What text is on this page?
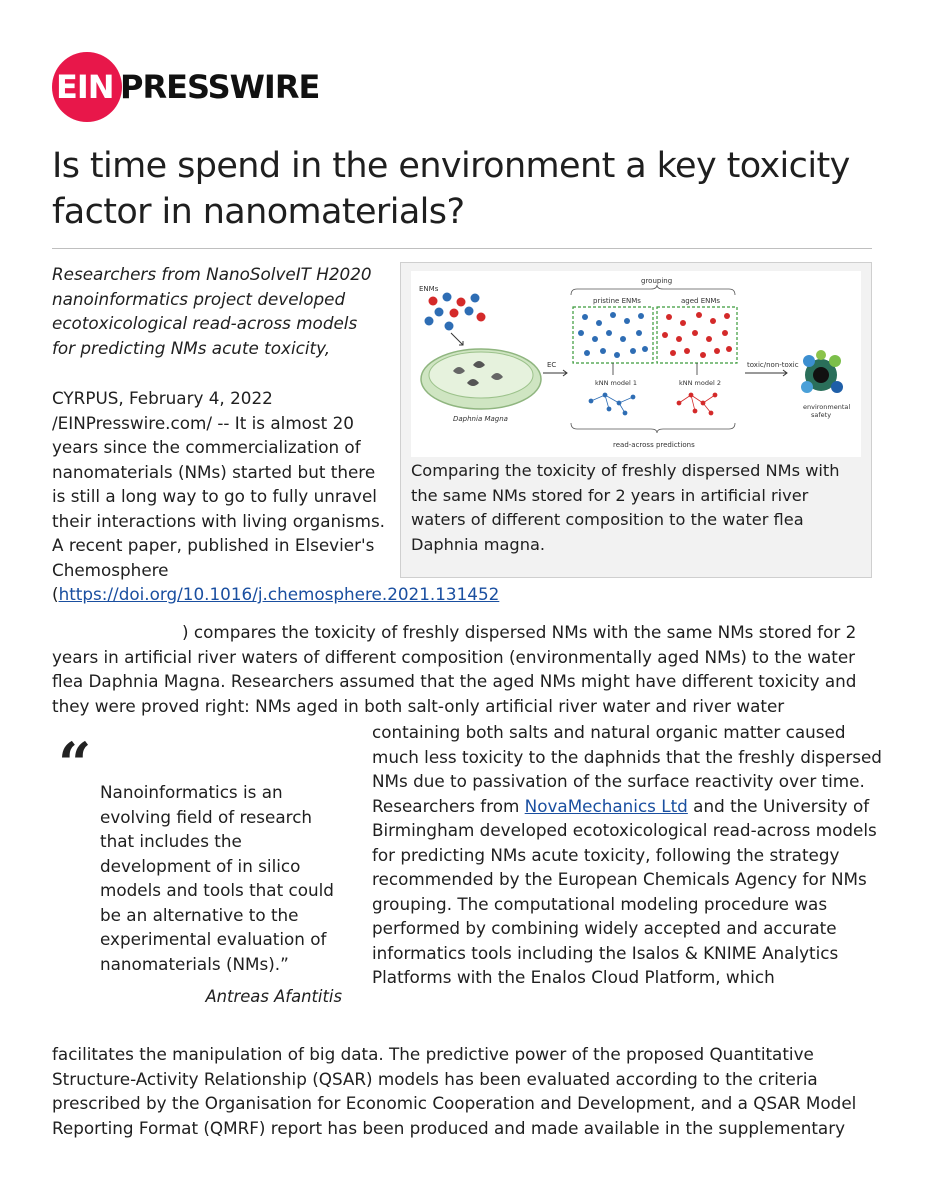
EIN PRESSWIRE
Is time spend in the environment a key toxicity factor in nanomaterials?
Researchers from NanoSolveIT H2020 nanoinformatics project developed ecotoxicological read-across models for predicting NMs acute toxicity,
CYRPUS, February 4, 2022 /EINPresswire.com/ -- It is almost 20 years since the commercialization of nanomaterials (NMs) started but there is still a long way to go to fully unravel their interactions with living organisms. A recent paper, published in Elsevier's Chemosphere (https://doi.org/10.1016/j.chemosphere.2021.131452
) compares the toxicity of freshly dispersed NMs with the same NMs stored for 2 years in artificial river waters of different composition (environmentally aged NMs) to the water flea Daphnia Magna. Researchers assumed that the aged NMs might have different toxicity and they were proved right: NMs aged in both salt-only artificial river water and river water
containing both salts and natural organic matter caused much less toxicity to the daphnids that the freshly dispersed NMs due to passivation of the surface reactivity over time.
Researchers from NovaMechanics Ltd and the University of Birmingham developed ecotoxicological read-across models for predicting NMs acute toxicity, following the strategy recommended by the European Chemicals Agency for NMs grouping. The computational modeling procedure was performed by combining widely accepted and accurate informatics tools including the Isalos & KNIME Analytics Platforms with the Enalos Cloud Platform, which
facilitates the manipulation of big data. The predictive power of the proposed Quantitative Structure-Activity Relationship (QSAR) models has been evaluated according to the criteria prescribed by the Organisation for Economic Cooperation and Development, and a QSAR Model Reporting Format (QMRF) report has been produced and made available in the supplementary
“ Nanoinformatics is an evolving field of research that includes the development of in silico models and tools that could be an alternative to the experimental evaluation of nanomaterials (NMs).”
Antreas Afantitis
ENMs
Daphnia Magna
EC
grouping
pristine ENMs	aged ENMs
kNN model 1	kNN model 2
read-across predictions
toxic/non-toxic
environmental
safety
Comparing the toxicity of freshly dispersed NMs with the same NMs stored for 2 years in artificial river waters of different composition to the water flea Daphnia magna.
